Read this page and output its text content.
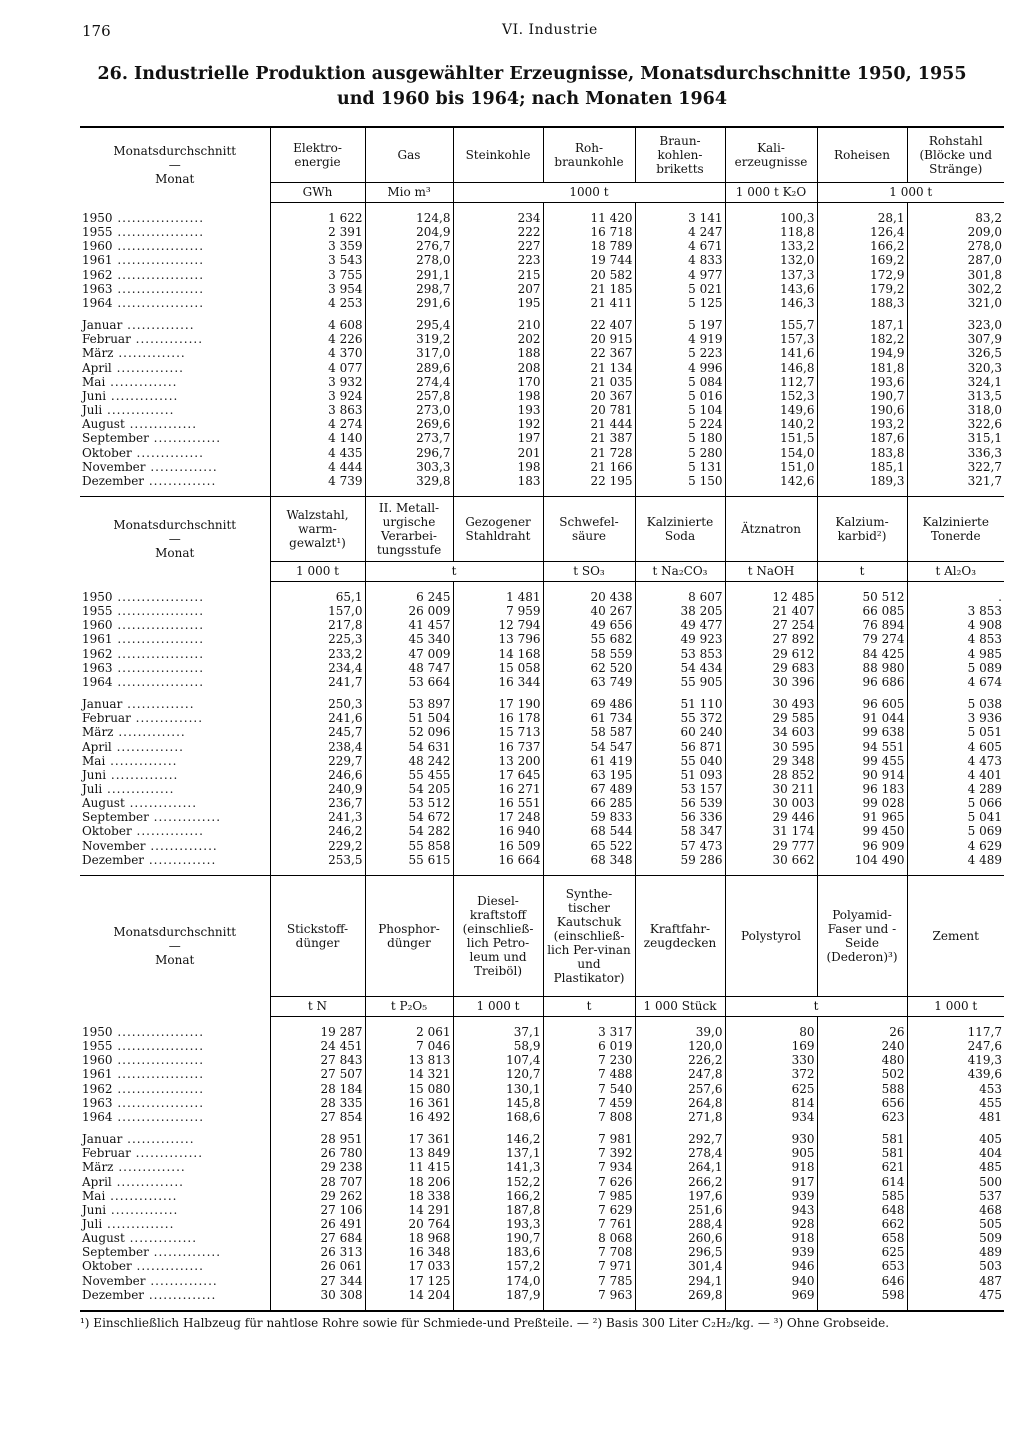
176	VI. Industrie
26. Industrielle Produktion ausgewählter Erzeugnisse, Monatsdurchschnitte 1950, 1955
und 1960 bis 1964; nach Monaten 1964
Monatsdurchschnitt
—
Monat	Elektro-energie	Gas	Steinkohle	Roh-braunkohle	Braun-kohlen-briketts	Kali-erzeugnisse	Roheisen	Rohstahl (Blöcke und Stränge)
	GWh	Mio m³	1000 t			1 000 t K₂O	1 000 t	

1950 ..................	1 622	124,8	234	11 420	3 141	100,3	28,1	83,2
1955 ..................	2 391	204,9	222	16 718	4 247	118,8	126,4	209,0
1960 ..................	3 359	276,7	227	18 789	4 671	133,2	166,2	278,0
1961 ..................	3 543	278,0	223	19 744	4 833	132,0	169,2	287,0
1962 ..................	3 755	291,1	215	20 582	4 977	137,3	172,9	301,8
1963 ..................	3 954	298,7	207	21 185	5 021	143,6	179,2	302,2
1964 ..................	4 253	291,6	195	21 411	5 125	146,3	188,3	321,0

Januar ..............	4 608	295,4	210	22 407	5 197	155,7	187,1	323,0
Februar ..............	4 226	319,2	202	20 915	4 919	157,3	182,2	307,9
März ..............	4 370	317,0	188	22 367	5 223	141,6	194,9	326,5
April ..............	4 077	289,6	208	21 134	4 996	146,8	181,8	320,3
Mai ..............	3 932	274,4	170	21 035	5 084	112,7	193,6	324,1
Juni ..............	3 924	257,8	198	20 367	5 016	152,3	190,7	313,5
Juli ..............	3 863	273,0	193	20 781	5 104	149,6	190,6	318,0
August ..............	4 274	269,6	192	21 444	5 224	140,2	193,2	322,6
September ..............	4 140	273,7	197	21 387	5 180	151,5	187,6	315,1
Oktober ..............	4 435	296,7	201	21 728	5 280	154,0	183,8	336,3
November ..............	4 444	303,3	198	21 166	5 131	151,0	185,1	322,7
Dezember ..............	4 739	329,8	183	22 195	5 150	142,6	189,3	321,7

Monatsdurchschnitt
—
Monat	Walzstahl, warm-gewalzt¹)	II. Metall-urgische Verarbei-tungsstufe	Gezogener Stahldraht	Schwefel-säure	Kalzinierte Soda	Ätznatron	Kalzium-karbid²)	Kalzinierte Tonerde
	1 000 t	t		t SO₃	t Na₂CO₃	t NaOH	t	t Al₂O₃

1950 ..................	65,1	6 245	1 481	20 438	8 607	12 485	50 512	.
1955 ..................	157,0	26 009	7 959	40 267	38 205	21 407	66 085	3 853
1960 ..................	217,8	41 457	12 794	49 656	49 477	27 254	76 894	4 908
1961 ..................	225,3	45 340	13 796	55 682	49 923	27 892	79 274	4 853
1962 ..................	233,2	47 009	14 168	58 559	53 853	29 612	84 425	4 985
1963 ..................	234,4	48 747	15 058	62 520	54 434	29 683	88 980	5 089
1964 ..................	241,7	53 664	16 344	63 749	55 905	30 396	96 686	4 674

Januar ..............	250,3	53 897	17 190	69 486	51 110	30 493	96 605	5 038
Februar ..............	241,6	51 504	16 178	61 734	55 372	29 585	91 044	3 936
März ..............	245,7	52 096	15 713	58 587	60 240	34 603	99 638	5 051
April ..............	238,4	54 631	16 737	54 547	56 871	30 595	94 551	4 605
Mai ..............	229,7	48 242	13 200	61 419	55 040	29 348	99 455	4 473
Juni ..............	246,6	55 455	17 645	63 195	51 093	28 852	90 914	4 401
Juli ..............	240,9	54 205	16 271	67 489	53 157	30 211	96 183	4 289
August ..............	236,7	53 512	16 551	66 285	56 539	30 003	99 028	5 066
September ..............	241,3	54 672	17 248	59 833	56 336	29 446	91 965	5 041
Oktober ..............	246,2	54 282	16 940	68 544	58 347	31 174	99 450	5 069
November ..............	229,2	55 858	16 509	65 522	57 473	29 777	96 909	4 629
Dezember ..............	253,5	55 615	16 664	68 348	59 286	30 662	104 490	4 489

Monatsdurchschnitt
—
Monat	Stickstoff-dünger	Phosphor-dünger	Diesel-kraftstoff (einschließ-lich Petro-leum und Treiböl)	Synthe-tischer Kautschuk (einschließ-lich Per-vinan und Plastikator)	Kraftfahr-zeugdecken	Polystyrol	Polyamid-Faser und -Seide (Dederon)³)	Zement
	t N	t P₂O₅	1 000 t	t	1 000 Stück	t		1 000 t

1950 ..................	19 287	2 061	37,1	3 317	39,0	80	26	117,7
1955 ..................	24 451	7 046	58,9	6 019	120,0	169	240	247,6
1960 ..................	27 843	13 813	107,4	7 230	226,2	330	480	419,3
1961 ..................	27 507	14 321	120,7	7 488	247,8	372	502	439,6
1962 ..................	28 184	15 080	130,1	7 540	257,6	625	588	453
1963 ..................	28 335	16 361	145,8	7 459	264,8	814	656	455
1964 ..................	27 854	16 492	168,6	7 808	271,8	934	623	481

Januar ..............	28 951	17 361	146,2	7 981	292,7	930	581	405
Februar ..............	26 780	13 849	137,1	7 392	278,4	905	581	404
März ..............	29 238	11 415	141,3	7 934	264,1	918	621	485
April ..............	28 707	18 206	152,2	7 626	266,2	917	614	500
Mai ..............	29 262	18 338	166,2	7 985	197,6	939	585	537
Juni ..............	27 106	14 291	187,8	7 629	251,6	943	648	468
Juli ..............	26 491	20 764	193,3	7 761	288,4	928	662	505
August ..............	27 684	18 968	190,7	8 068	260,6	918	658	509
September ..............	26 313	16 348	183,6	7 708	296,5	939	625	489
Oktober ..............	26 061	17 033	157,2	7 971	301,4	946	653	503
November ..............	27 344	17 125	174,0	7 785	294,1	940	646	487
Dezember ..............	30 308	14 204	187,9	7 963	269,8	969	598	475

¹) Einschließlich Halbzeug für nahtlose Rohre sowie für Schmiede-und Preßteile. — ²) Basis 300 Liter C₂H₂/kg. — ³) Ohne Grobseide.
